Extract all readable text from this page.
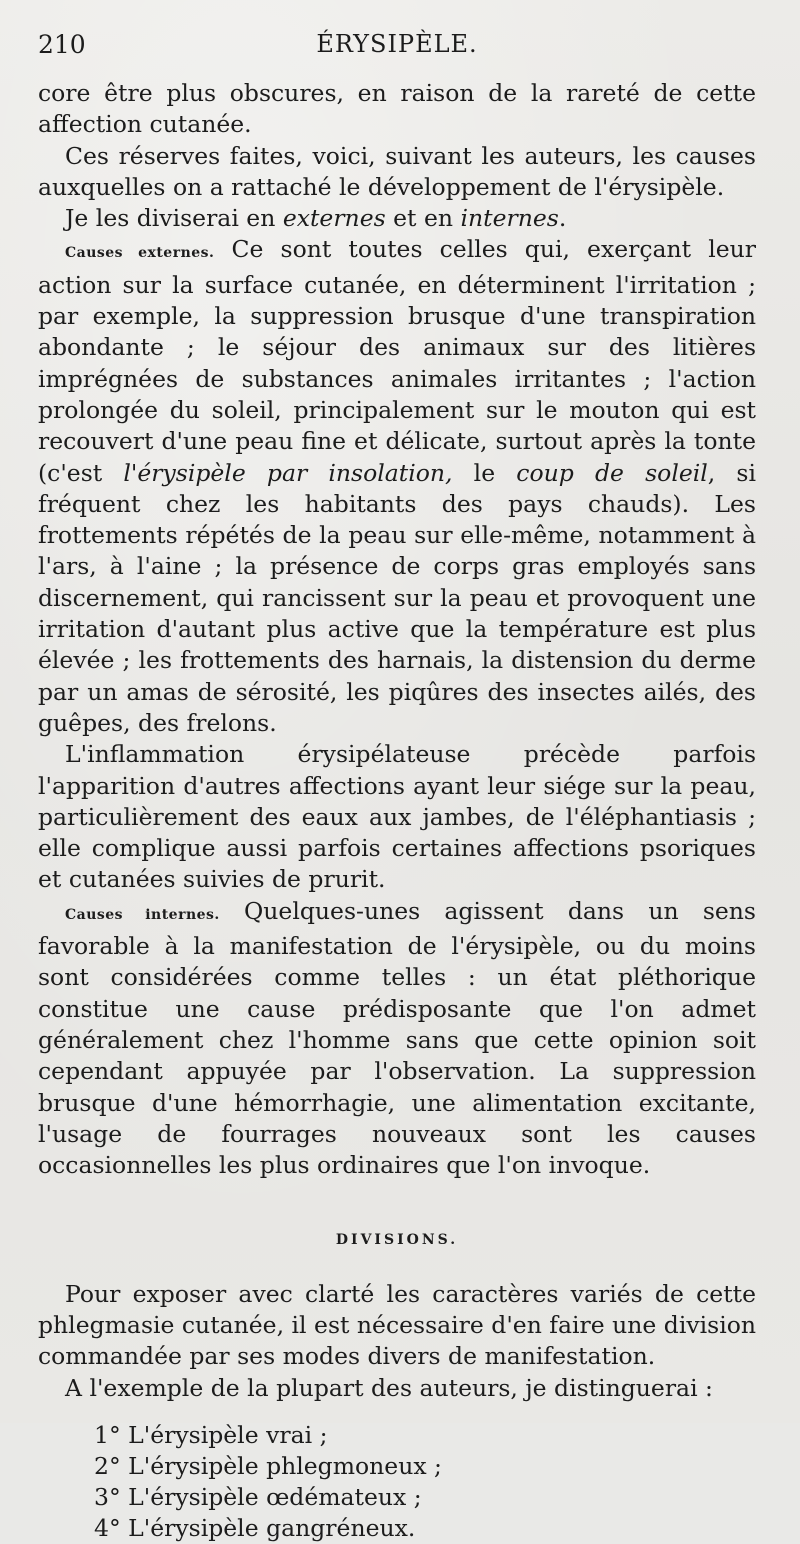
210	ÉRYSIPÈLE.

core être plus obscures, en raison de la rareté de cette affection cutanée.

Ces réserves faites, voici, suivant les auteurs, les causes auxquelles on a rattaché le développement de l'érysipèle.

Je les diviserai en externes et en internes.

Causes externes. Ce sont toutes celles qui, exerçant leur action sur la surface cutanée, en déterminent l'irritation ; par exemple, la suppression brusque d'une transpiration abondante ; le séjour des animaux sur des litières imprégnées de substances animales irritantes ; l'action prolongée du soleil, principalement sur le mouton qui est recouvert d'une peau fine et délicate, surtout après la tonte (c'est l'érysipèle par insolation, le coup de soleil, si fréquent chez les habitants des pays chauds). Les frottements répétés de la peau sur elle-même, notamment à l'ars, à l'aine ; la présence de corps gras employés sans discernement, qui rancissent sur la peau et provoquent une irritation d'autant plus active que la température est plus élevée ; les frottements des harnais, la distension du derme par un amas de sérosité, les piqûres des insectes ailés, des guêpes, des frelons.

L'inflammation érysipélateuse précède parfois l'apparition d'autres affections ayant leur siége sur la peau, particulièrement des eaux aux jambes, de l'éléphantiasis ; elle complique aussi parfois certaines affections psoriques et cutanées suivies de prurit.

Causes internes. Quelques-unes agissent dans un sens favorable à la manifestation de l'érysipèle, ou du moins sont considérées comme telles : un état pléthorique constitue une cause prédisposante que l'on admet généralement chez l'homme sans que cette opinion soit cependant appuyée par l'observation. La suppression brusque d'une hémorrhagie, une alimentation excitante, l'usage de fourrages nouveaux sont les causes occasionnelles les plus ordinaires que l'on invoque.

DIVISIONS.

Pour exposer avec clarté les caractères variés de cette phlegmasie cutanée, il est nécessaire d'en faire une division commandée par ses modes divers de manifestation.

A l'exemple de la plupart des auteurs, je distinguerai :

1° L'érysipèle vrai ;
2° L'érysipèle phlegmoneux ;
3° L'érysipèle œdémateux ;
4° L'érysipèle gangréneux.
